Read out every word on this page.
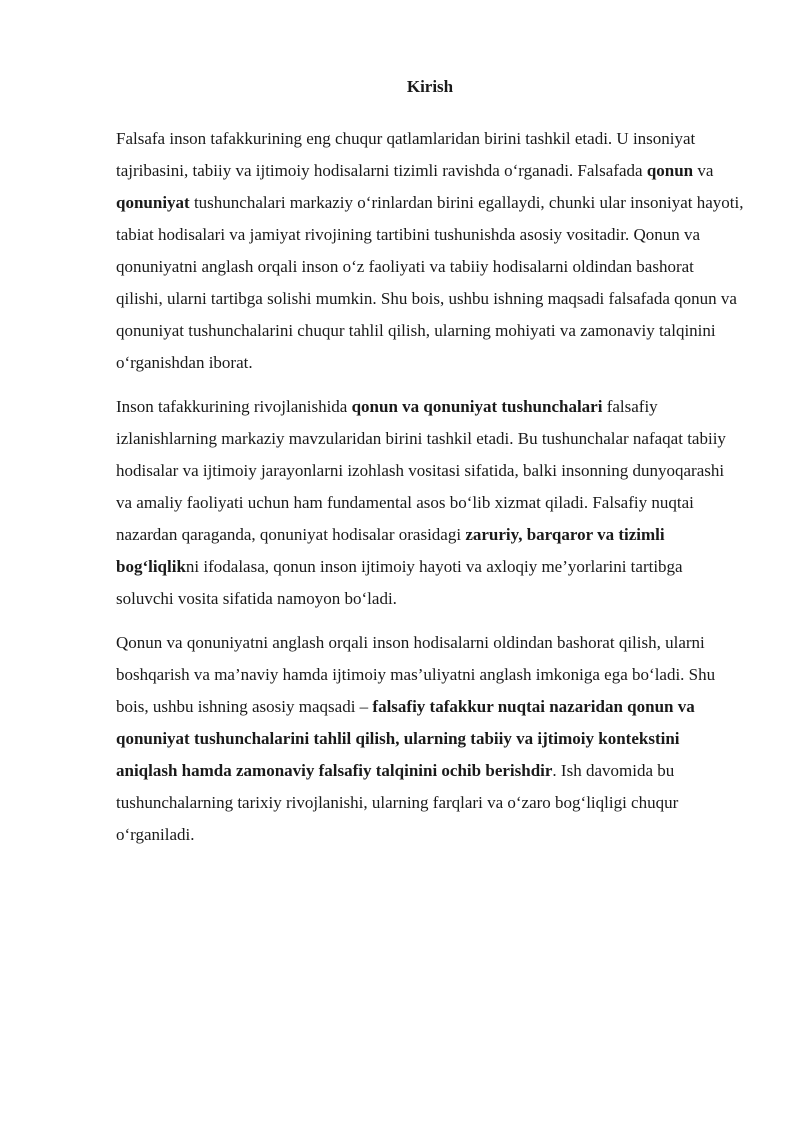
Kirish

Falsafa inson tafakkurining eng chuqur qatlamlaridan birini tashkil etadi. U insoniyat tajribasini, tabiiy va ijtimoiy hodisalarni tizimli ravishda o‘rganadi. Falsafada qonun va qonuniyat tushunchalari markaziy o‘rinlardan birini egallaydi, chunki ular insoniyat hayoti, tabiat hodisalari va jamiyat rivojining tartibini tushunishda asosiy vositadir. Qonun va qonuniyatni anglash orqali inson o‘z faoliyati va tabiiy hodisalarni oldindan bashorat qilishi, ularni tartibga solishi mumkin. Shu bois, ushbu ishning maqsadi falsafada qonun va qonuniyat tushunchalarini chuqur tahlil qilish, ularning mohiyati va zamonaviy talqinini o‘rganishdan iborat.

Inson tafakkurining rivojlanishida qonun va qonuniyat tushunchalari falsafiy izlanishlarning markaziy mavzularidan birini tashkil etadi. Bu tushunchalar nafaqat tabiiy hodisalar va ijtimoiy jarayonlarni izohlash vositasi sifatida, balki insonning dunyoqarashi va amaliy faoliyati uchun ham fundamental asos bo‘lib xizmat qiladi. Falsafiy nuqtai nazardan qaraganda, qonuniyat hodisalar orasidagi zaruriy, barqaror va tizimli bog‘liqlikni ifodalasa, qonun inson ijtimoiy hayoti va axloqiy me’yorlarini tartibga soluvchi vosita sifatida namoyon bo‘ladi.

Qonun va qonuniyatni anglash orqali inson hodisalarni oldindan bashorat qilish, ularni boshqarish va ma’naviy hamda ijtimoiy mas’uliyatni anglash imkoniga ega bo‘ladi. Shu bois, ushbu ishning asosiy maqsadi – falsafiy tafakkur nuqtai nazaridan qonun va qonuniyat tushunchalarini tahlil qilish, ularning tabiiy va ijtimoiy kontekstini aniqlash hamda zamonaviy falsafiy talqinini ochib berishdir. Ish davomida bu tushunchalarning tarixiy rivojlanishi, ularning farqlari va o‘zaro bog‘liqligi chuqur o‘rganiladi.
